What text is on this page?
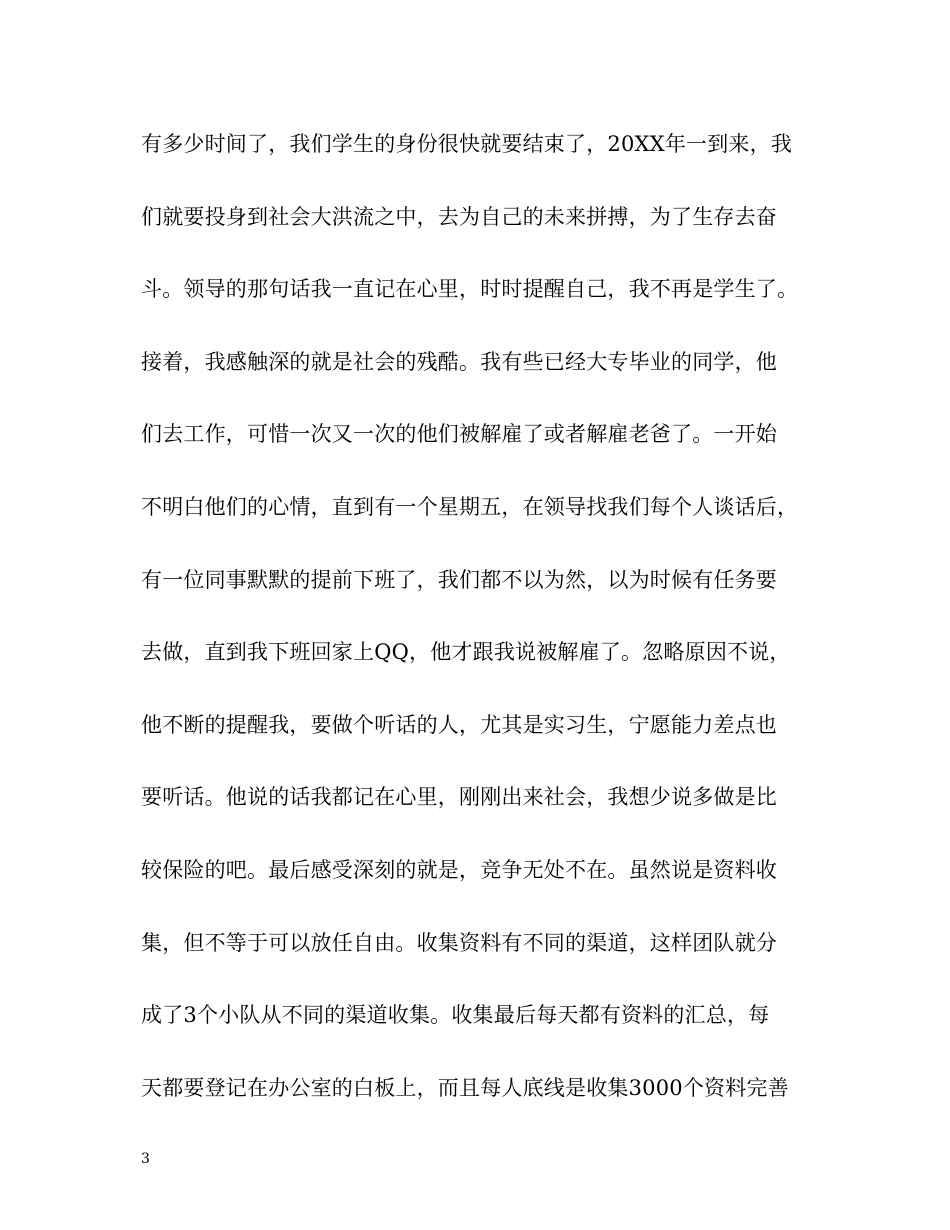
有多少时间了，我们学生的身份很快就要结束了，20XX年一到来，我
们就要投身到社会大洪流之中，去为自己的未来拼搏，为了生存去奋
斗。领导的那句话我一直记在心里，时时提醒自己，我不再是学生了。
接着，我感触深的就是社会的残酷。我有些已经大专毕业的同学，他
们去工作，可惜一次又一次的他们被解雇了或者解雇老爸了。一开始
不明白他们的心情，直到有一个星期五，在领导找我们每个人谈话后，
有一位同事默默的提前下班了，我们都不以为然，以为时候有任务要
去做，直到我下班回家上QQ，他才跟我说被解雇了。忽略原因不说，
他不断的提醒我，要做个听话的人，尤其是实习生，宁愿能力差点也
要听话。他说的话我都记在心里，刚刚出来社会，我想少说多做是比
较保险的吧。最后感受深刻的就是，竞争无处不在。虽然说是资料收
集，但不等于可以放任自由。收集资料有不同的渠道，这样团队就分
成了3个小队从不同的渠道收集。收集最后每天都有资料的汇总，每
天都要登记在办公室的白板上，而且每人底线是收集3000个资料完善
3
